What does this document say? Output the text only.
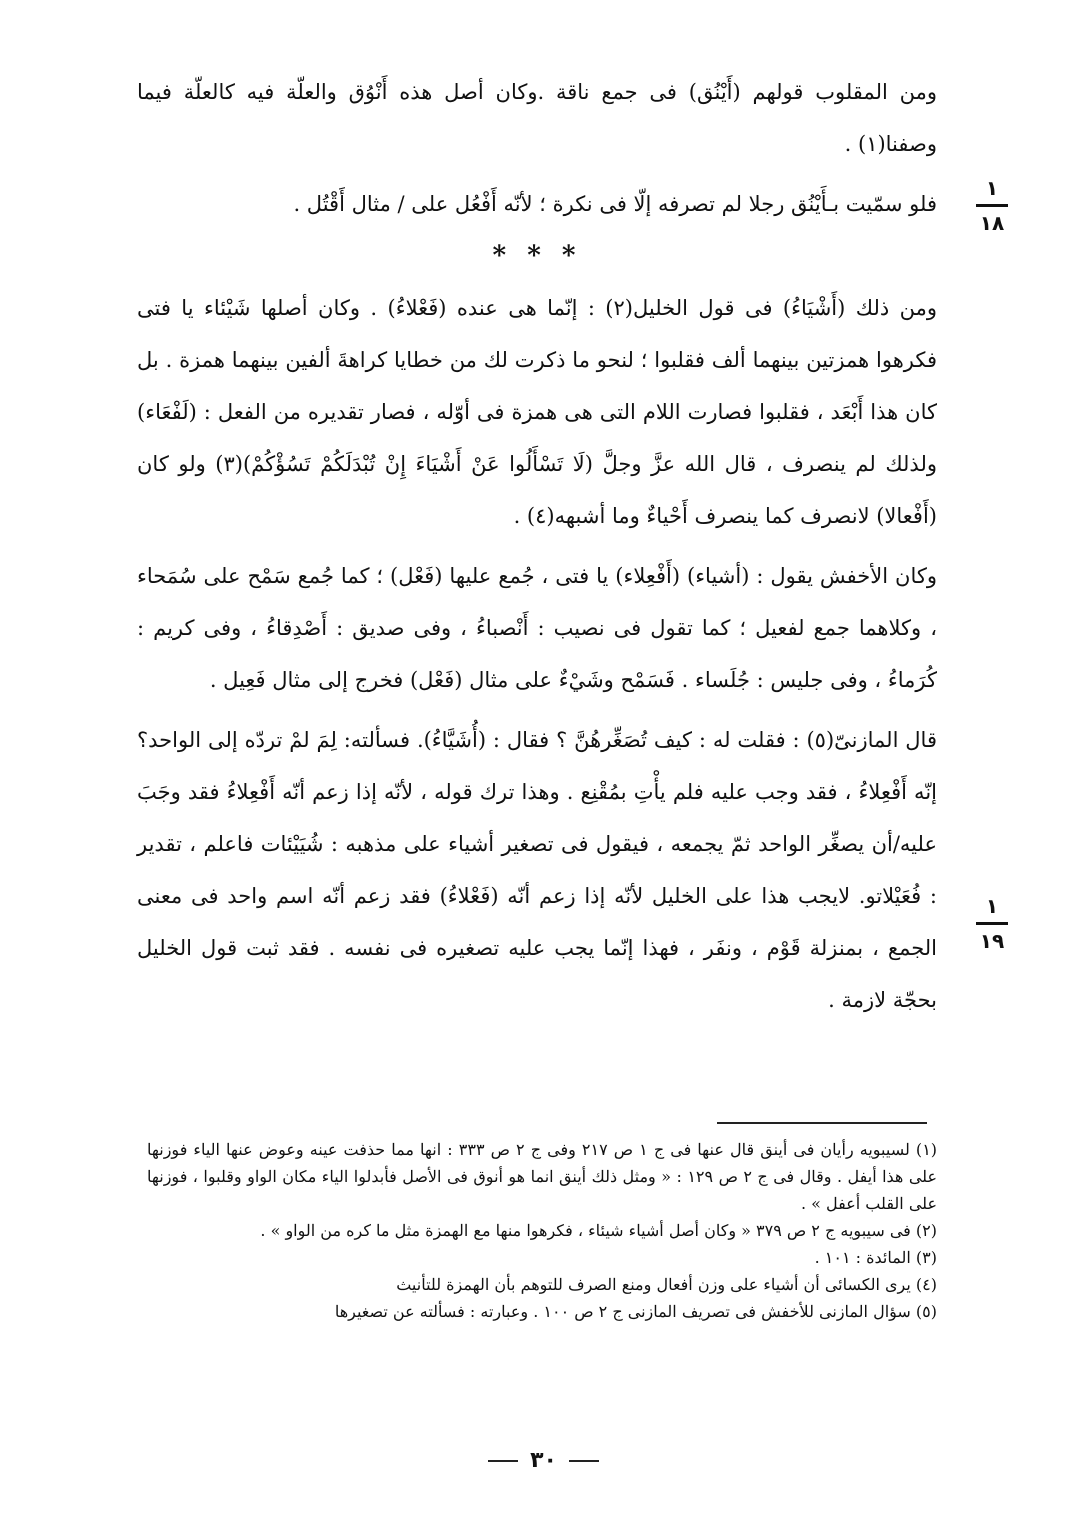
ومن المقلوب قولهم (أَيْنُق) فى جمع ناقة .وكان أصل هذه أَنْوُق والعلّة فيه كالعلّة فيما وصفنا(١) .

فلو سمّيت بـأَيْنُق رجلا لم تصرفه إلّا فى نكرة ؛ لأنّه أَفْعُل على / مثال أَقْتُل .

* * *

ومن ذلك (أَشْيَاءُ) فى قول الخليل(٢) : إنّما هى عنده (فَعْلاءُ) . وكان أصلها شَيْئاء يا فتى فكرهوا همزتين بينهما ألف فقلبوا ؛ لنحو ما ذكرت لك من خطايا كراهةَ ألفين بينهما همزة . بل كان هذا أَبْعَد ، فقلبوا فصارت اللام التى هى همزة فى أوّله ، فصار تقديره من الفعل : (لَفْعَاء) ولذلك لم ينصرف ، قال الله عزَّ وجلَّ (لَا تَسْأَلُوا عَنْ أَشْيَاءَ إِنْ تُبْدَلَكُمْ تَسُؤْكُمْ)(٣) ولو كان (أَفْعالا) لانصرف كما ينصرف أَحْياءٌ وما أشبهه(٤) .

وكان الأخفش يقول : (أشياء) (أَفْعِلاء) يا فتى ، جُمع عليها (فَعْل) ؛ كما جُمع سَمْح على سُمَحاء ، وكلاهما جمع لفعيل ؛ كما تقول فى نصيب : أَنْصباءُ ، وفى صديق : أَصْدِقاءُ ، وفى كريم : كُرَماءُ ، وفى جليس : جُلَساء . فَسَمْح وشَيْءٌ على مثال (فَعْل) فخرج إلى مثال فَعِيل .

قال المازنىّ(٥) : فقلت له : كيف تُصَغِّرهُنَّ ؟ فقال : (أُشَيَّاءُ). فسألته: لِمَ لمْ تردّه إلى الواحد؟ إنّه أَفْعِلاءُ ، فقد وجب عليه فلم يأْتِ بمُقْنِع . وهذا ترك قوله ، لأنّه إذا زعم أنّه أَفْعِلاءُ فقد وجَبَ عليه/أن يصغِّر الواحد ثمّ يجمعه ، فيقول فى تصغير أشياء على مذهبه : شُيَيْئات فاعلم ، تقدير : فُعَيْلاتو. لايجب هذا على الخليل لأنّه إذا زعم أنّه (فَعْلاءُ) فقد زعم أنّه اسم واحد فى معنى الجمع ، بمنزلة قَوْم ، ونفَر ، فهذا إنّما يجب عليه تصغيره فى نفسه . فقد ثبت قول الخليل بحجّة لازمة .

١
١٨
١
١٩

(١) لسيبويه رأيان فى أينق قال عنها فى ج ١ ص ٢١٧ وفى ج ٢ ص ٣٣٣ : انها مما حذفت عينه وعوض عنها الياء فوزنها على هذا أيفل . وقال فى ج ٢ ص ١٢٩ : « ومثل ذلك أينق انما هو أنوق فى الأصل فأبدلوا الياء مكان الواو وقلبوا ، فوزنها على القلب أعفل » .

(٢) فى سيبويه ج ٢ ص ٣٧٩ « وكان أصل أشياء شيئاء ، فكرهوا منها مع الهمزة مثل ما كره من الواو » .

(٣) المائدة : ١٠١ .

(٤) يرى الكسائى أن أشياء على وزن أفعال ومنع الصرف للتوهم بأن الهمزة للتأنيث

(٥) سؤال المازنى للأخفش فى تصريف المازنى ج ٢ ص ١٠٠ . وعبارته : فسألته عن تصغيرها

٣٠
